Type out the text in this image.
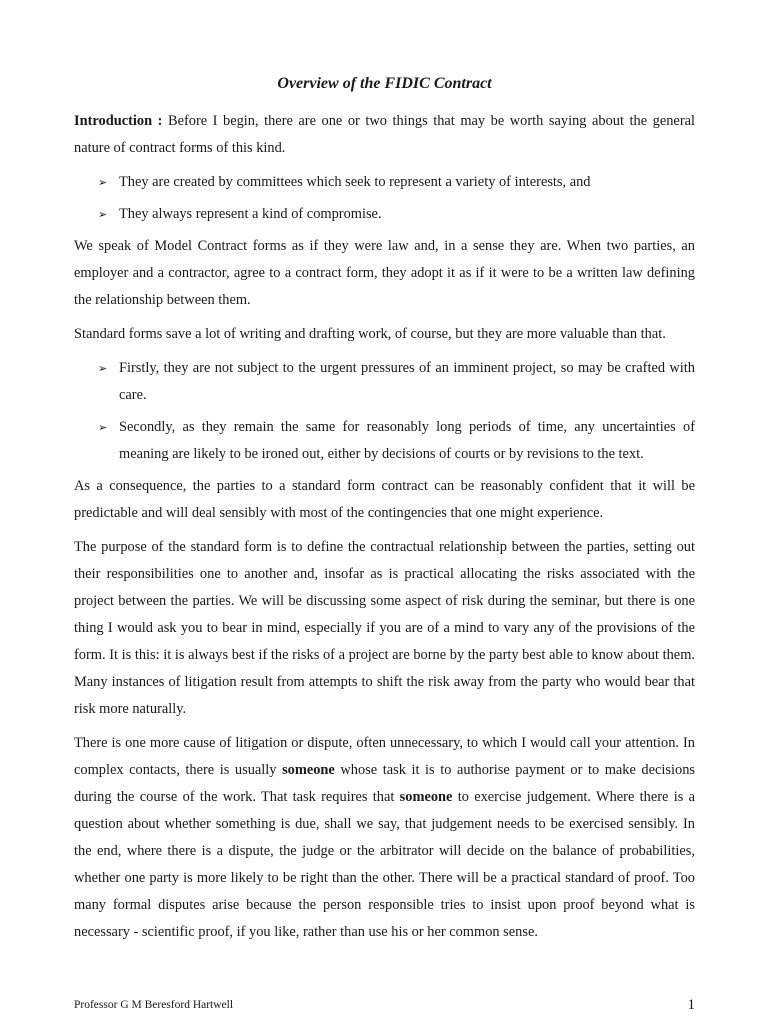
Overview of the FIDIC Contract

Introduction : Before I begin, there are one or two things that may be worth saying about the general nature of contract forms of this kind.

➢ They are created by committees which seek to represent a variety of interests, and
➢ They always represent a kind of compromise.

We speak of Model Contract forms as if they were law and, in a sense they are. When two parties, an employer and a contractor, agree to a contract form, they adopt it as if it were to be a written law defining the relationship between them.

Standard forms save a lot of writing and drafting work, of course, but they are more valuable than that.

➢ Firstly, they are not subject to the urgent pressures of an imminent project, so may be crafted with care.
➢ Secondly, as they remain the same for reasonably long periods of time, any uncertainties of meaning are likely to be ironed out, either by decisions of courts or by revisions to the text.

As a consequence, the parties to a standard form contract can be reasonably confident that it will be predictable and will deal sensibly with most of the contingencies that one might experience.

The purpose of the standard form is to define the contractual relationship between the parties, setting out their responsibilities one to another and, insofar as is practical allocating the risks associated with the project between the parties. We will be discussing some aspect of risk during the seminar, but there is one thing I would ask you to bear in mind, especially if you are of a mind to vary any of the provisions of the form. It is this: it is always best if the risks of a project are borne by the party best able to know about them. Many instances of litigation result from attempts to shift the risk away from the party who would bear that risk more naturally.

There is one more cause of litigation or dispute, often unnecessary, to which I would call your attention. In complex contacts, there is usually someone whose task it is to authorise payment or to make decisions during the course of the work. That task requires that someone to exercise judgement. Where there is a question about whether something is due, shall we say, that judgement needs to be exercised sensibly. In the end, where there is a dispute, the judge or the arbitrator will decide on the balance of probabilities, whether one party is more likely to be right than the other. There will be a practical standard of proof. Too many formal disputes arise because the person responsible tries to insist upon proof beyond what is necessary - scientific proof, if you like, rather than use his or her common sense.

Professor G M Beresford Hartwell	1
